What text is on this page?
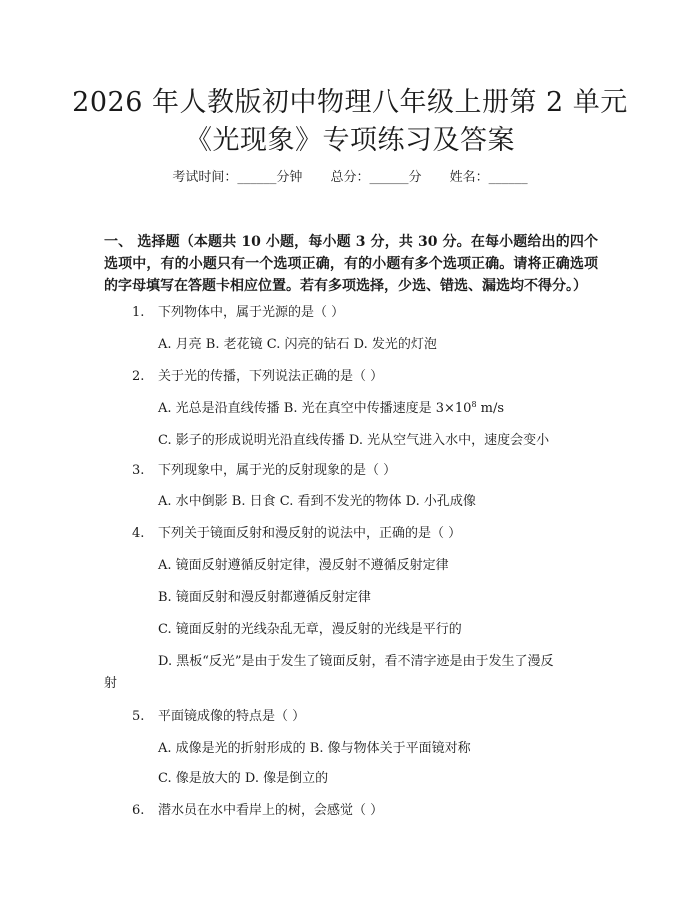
2026 年人教版初中物理八年级上册第 2 单元
《光现象》专项练习及答案
考试时间：______分钟 总分：______分 姓名：______
一、 选择题（本题共 10 小题，每小题 3 分，共 30 分。在每小题给出的四个选项中，有的小题只有一个选项正确，有的小题有多个选项正确。请将正确选项的字母填写在答题卡相应位置。若有多项选择，少选、错选、漏选均不得分。）
1. 下列物体中，属于光源的是（ ）
A. 月亮 B. 老花镜 C. 闪亮的钻石 D. 发光的灯泡
2. 关于光的传播，下列说法正确的是（ ）
A. 光总是沿直线传播 B. 光在真空中传播速度是 $3\times 10^8$ m/s
C. 影子的形成说明光沿直线传播 D. 光从空气进入水中，速度会变小
3. 下列现象中，属于光的反射现象的是（ ）
A. 水中倒影 B. 日食 C. 看到不发光的物体 D. 小孔成像
4. 下列关于镜面反射和漫反射的说法中，正确的是（ ）
A. 镜面反射遵循反射定律，漫反射不遵循反射定律
B. 镜面反射和漫反射都遵循反射定律
C. 镜面反射的光线杂乱无章，漫反射的光线是平行的
D. 黑板“反光”是由于发生了镜面反射，看不清字迹是由于发生了漫反
射
5. 平面镜成像的特点是（ ）
A. 成像是光的折射形成的 B. 像与物体关于平面镜对称
C. 像是放大的 D. 像是倒立的
6. 潜水员在水中看岸上的树，会感觉（ ）
